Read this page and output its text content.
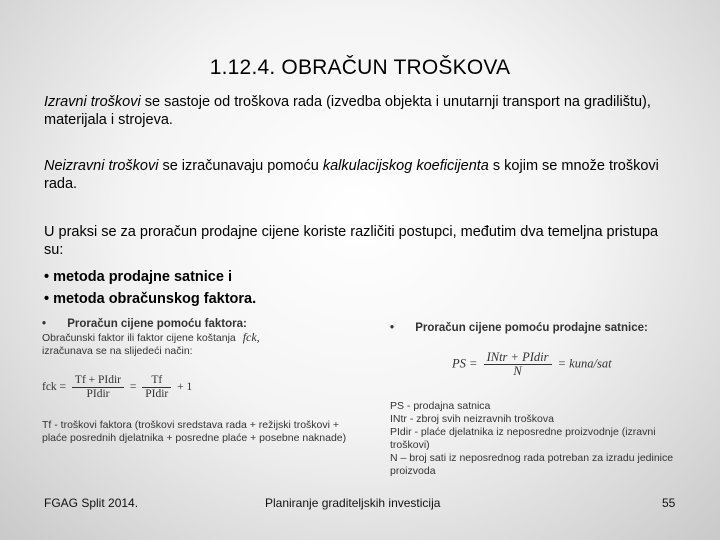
1.12.4. OBRAČUN TROŠKOVA
Izravni troškovi se sastoje od troškova rada (izvedba objekta i unutarnji transport na gradilištu), materijala i strojeva.
Neizravni troškovi se izračunavaju pomoću kalkulacijskog koeficijenta s kojim se množe troškovi rada.
U praksi se za proračun prodajne cijene koriste različiti postupci, međutim dva temeljna pristupa su:
• metoda prodajne satnice i
• metoda obračunskog faktora.
• Proračun cijene pomoću faktora:
Obračunski faktor ili faktor cijene koštanja fck,
izračunava se na slijedeći način:
fck = $\frac{\text{Tf + PIdir}}{\text{PIdir}} = \frac{Tf}{\text{PIdir}} + 1$
Tf - troškovi faktora (troškovi sredstava rada + režijski troškovi + plaće posrednih djelatnika + posredne plaće + posebne naknade)
• Proračun cijene pomoću prodajne satnice:
PS = $\frac{\text{INtr + PIdir}}{N}$ = kuna/sat
PS - prodajna satnica
INtr - zbroj svih neizravnih troškova
PIdir - plaće djelatnika iz neposredne proizvodnje (izravni troškovi)
N – broj sati iz neposrednog rada potreban za izradu jedinice proizvoda
FGAG Split 2014.	Planiranje graditeljskih investicija	55
